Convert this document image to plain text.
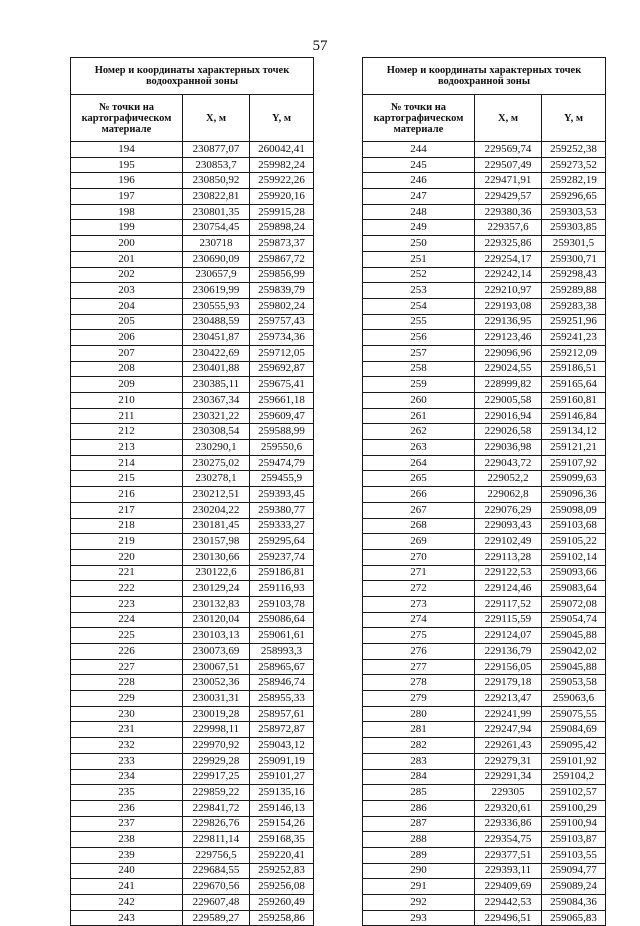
57
Номер и координаты характерных точек водоохранной зоны		
№ точки на картографическом материале	X, м	Y, м
194	230877,07	260042,41
195	230853,7	259982,24
196	230850,92	259922,26
197	230822,81	259920,16
198	230801,35	259915,28
199	230754,45	259898,24
200	230718	259873,37
201	230690,09	259867,72
202	230657,9	259856,99
203	230619,99	259839,79
204	230555,93	259802,24
205	230488,59	259757,43
206	230451,87	259734,36
207	230422,69	259712,05
208	230401,88	259692,87
209	230385,11	259675,41
210	230367,34	259661,18
211	230321,22	259609,47
212	230308,54	259588,99
213	230290,1	259550,6
214	230275,02	259474,79
215	230278,1	259455,9
216	230212,51	259393,45
217	230204,22	259380,77
218	230181,45	259333,27
219	230157,98	259295,64
220	230130,66	259237,74
221	230122,6	259186,81
222	230129,24	259116,93
223	230132,83	259103,78
224	230120,04	259086,64
225	230103,13	259061,61
226	230073,69	258993,3
227	230067,51	258965,67
228	230052,36	258946,74
229	230031,31	258955,33
230	230019,28	258957,61
231	229998,11	258972,87
232	229970,92	259043,12
233	229929,28	259091,19
234	229917,25	259101,27
235	229859,22	259135,16
236	229841,72	259146,13
237	229826,76	259154,26
238	229811,14	259168,35
239	229756,5	259220,41
240	229684,55	259252,83
241	229670,56	259256,08
242	229607,48	259260,49
243	229589,27	259258,86
Номер и координаты характерных точек водоохранной зоны		
№ точки на картографическом материале	X, м	Y, м
244	229569,74	259252,38
245	229507,49	259273,52
246	229471,91	259282,19
247	229429,57	259296,65
248	229380,36	259303,53
249	229357,6	259303,85
250	229325,86	259301,5
251	229254,17	259300,71
252	229242,14	259298,43
253	229210,97	259289,88
254	229193,08	259283,38
255	229136,95	259251,96
256	229123,46	259241,23
257	229096,96	259212,09
258	229024,55	259186,51
259	228999,82	259165,64
260	229005,58	259160,81
261	229016,94	259146,84
262	229026,58	259134,12
263	229036,98	259121,21
264	229043,72	259107,92
265	229052,2	259099,63
266	229062,8	259096,36
267	229076,29	259098,09
268	229093,43	259103,68
269	229102,49	259105,22
270	229113,28	259102,14
271	229122,53	259093,66
272	229124,46	259083,64
273	229117,52	259072,08
274	229115,59	259054,74
275	229124,07	259045,88
276	229136,79	259042,02
277	229156,05	259045,88
278	229179,18	259053,58
279	229213,47	259063,6
280	229241,99	259075,55
281	229247,94	259084,69
282	229261,43	259095,42
283	229279,31	259101,92
284	229291,34	259104,2
285	229305	259102,57
286	229320,61	259100,29
287	229336,86	259100,94
288	229354,75	259103,87
289	229377,51	259103,55
290	229393,11	259094,77
291	229409,69	259089,24
292	229442,53	259084,36
293	229496,51	259065,83
